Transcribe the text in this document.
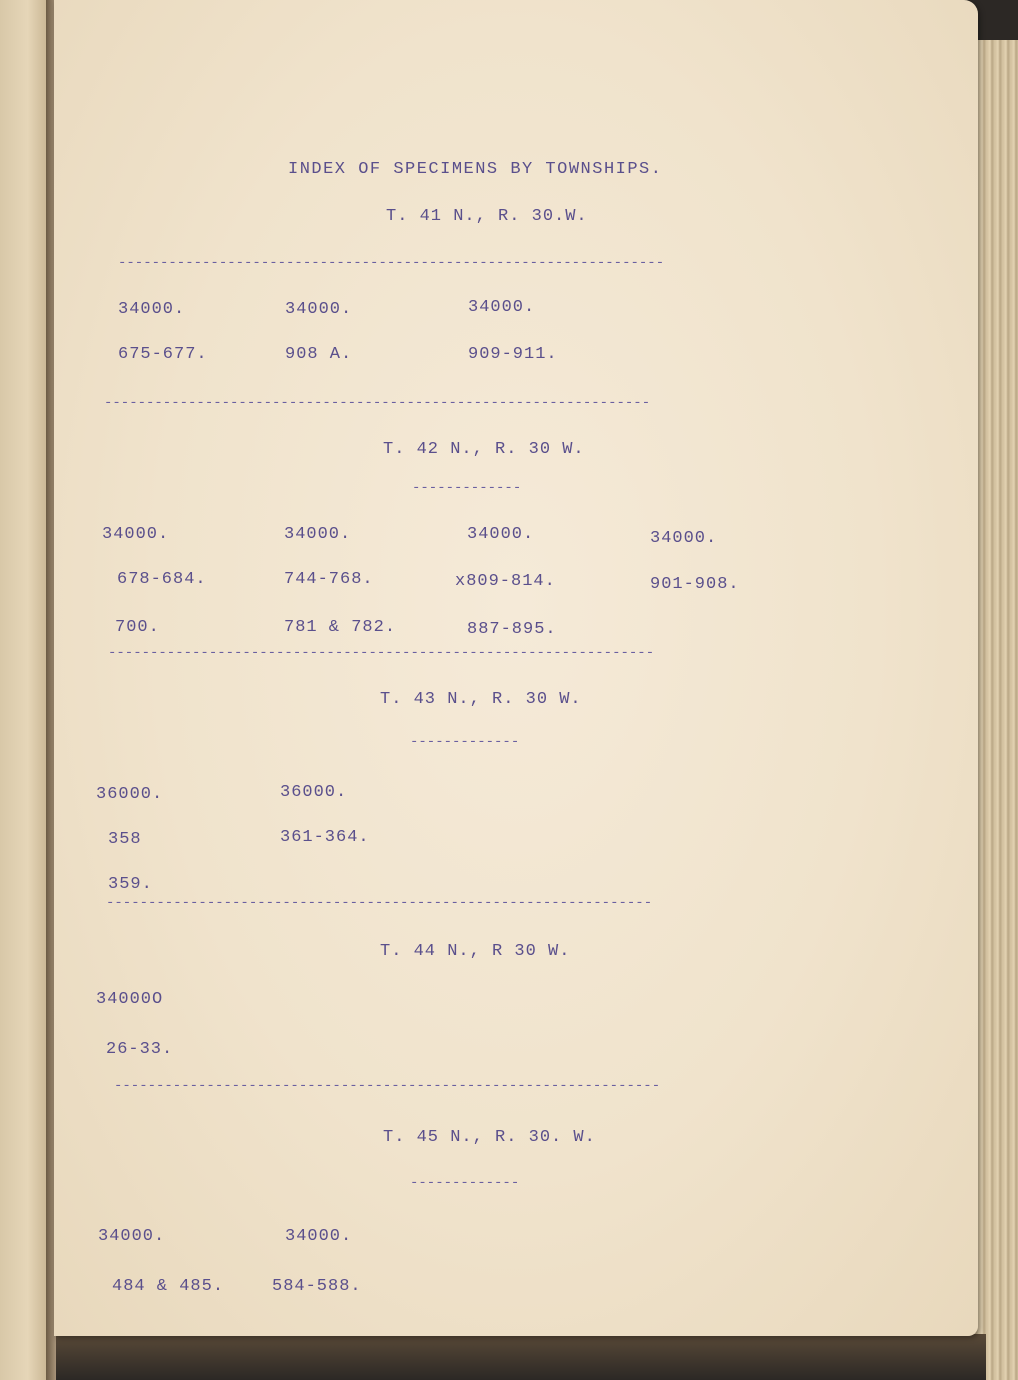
INDEX OF SPECIMENS BY TOWNSHIPS.
T. 41 N., R. 30.W.
-----------------------------------------------------------------
34000.	34000.	34000.
675-677.	908 A.	909-911.
-----------------------------------------------------------------
T. 42 N., R. 30 W.
-------------
34000.	34000.	34000.	34000.
678-684.	744-768.	x809-814.	901-908.
700.	781 & 782.	887-895.
-----------------------------------------------------------------
T. 43 N., R. 30 W.
-------------
36000.	36000.
358	361-364.
359.
-----------------------------------------------------------------
T. 44 N., R 30 W.
34000O
26-33.
-----------------------------------------------------------------
T. 45 N., R. 30. W.
-------------
34000.	34000.
484 & 485.	584-588.
